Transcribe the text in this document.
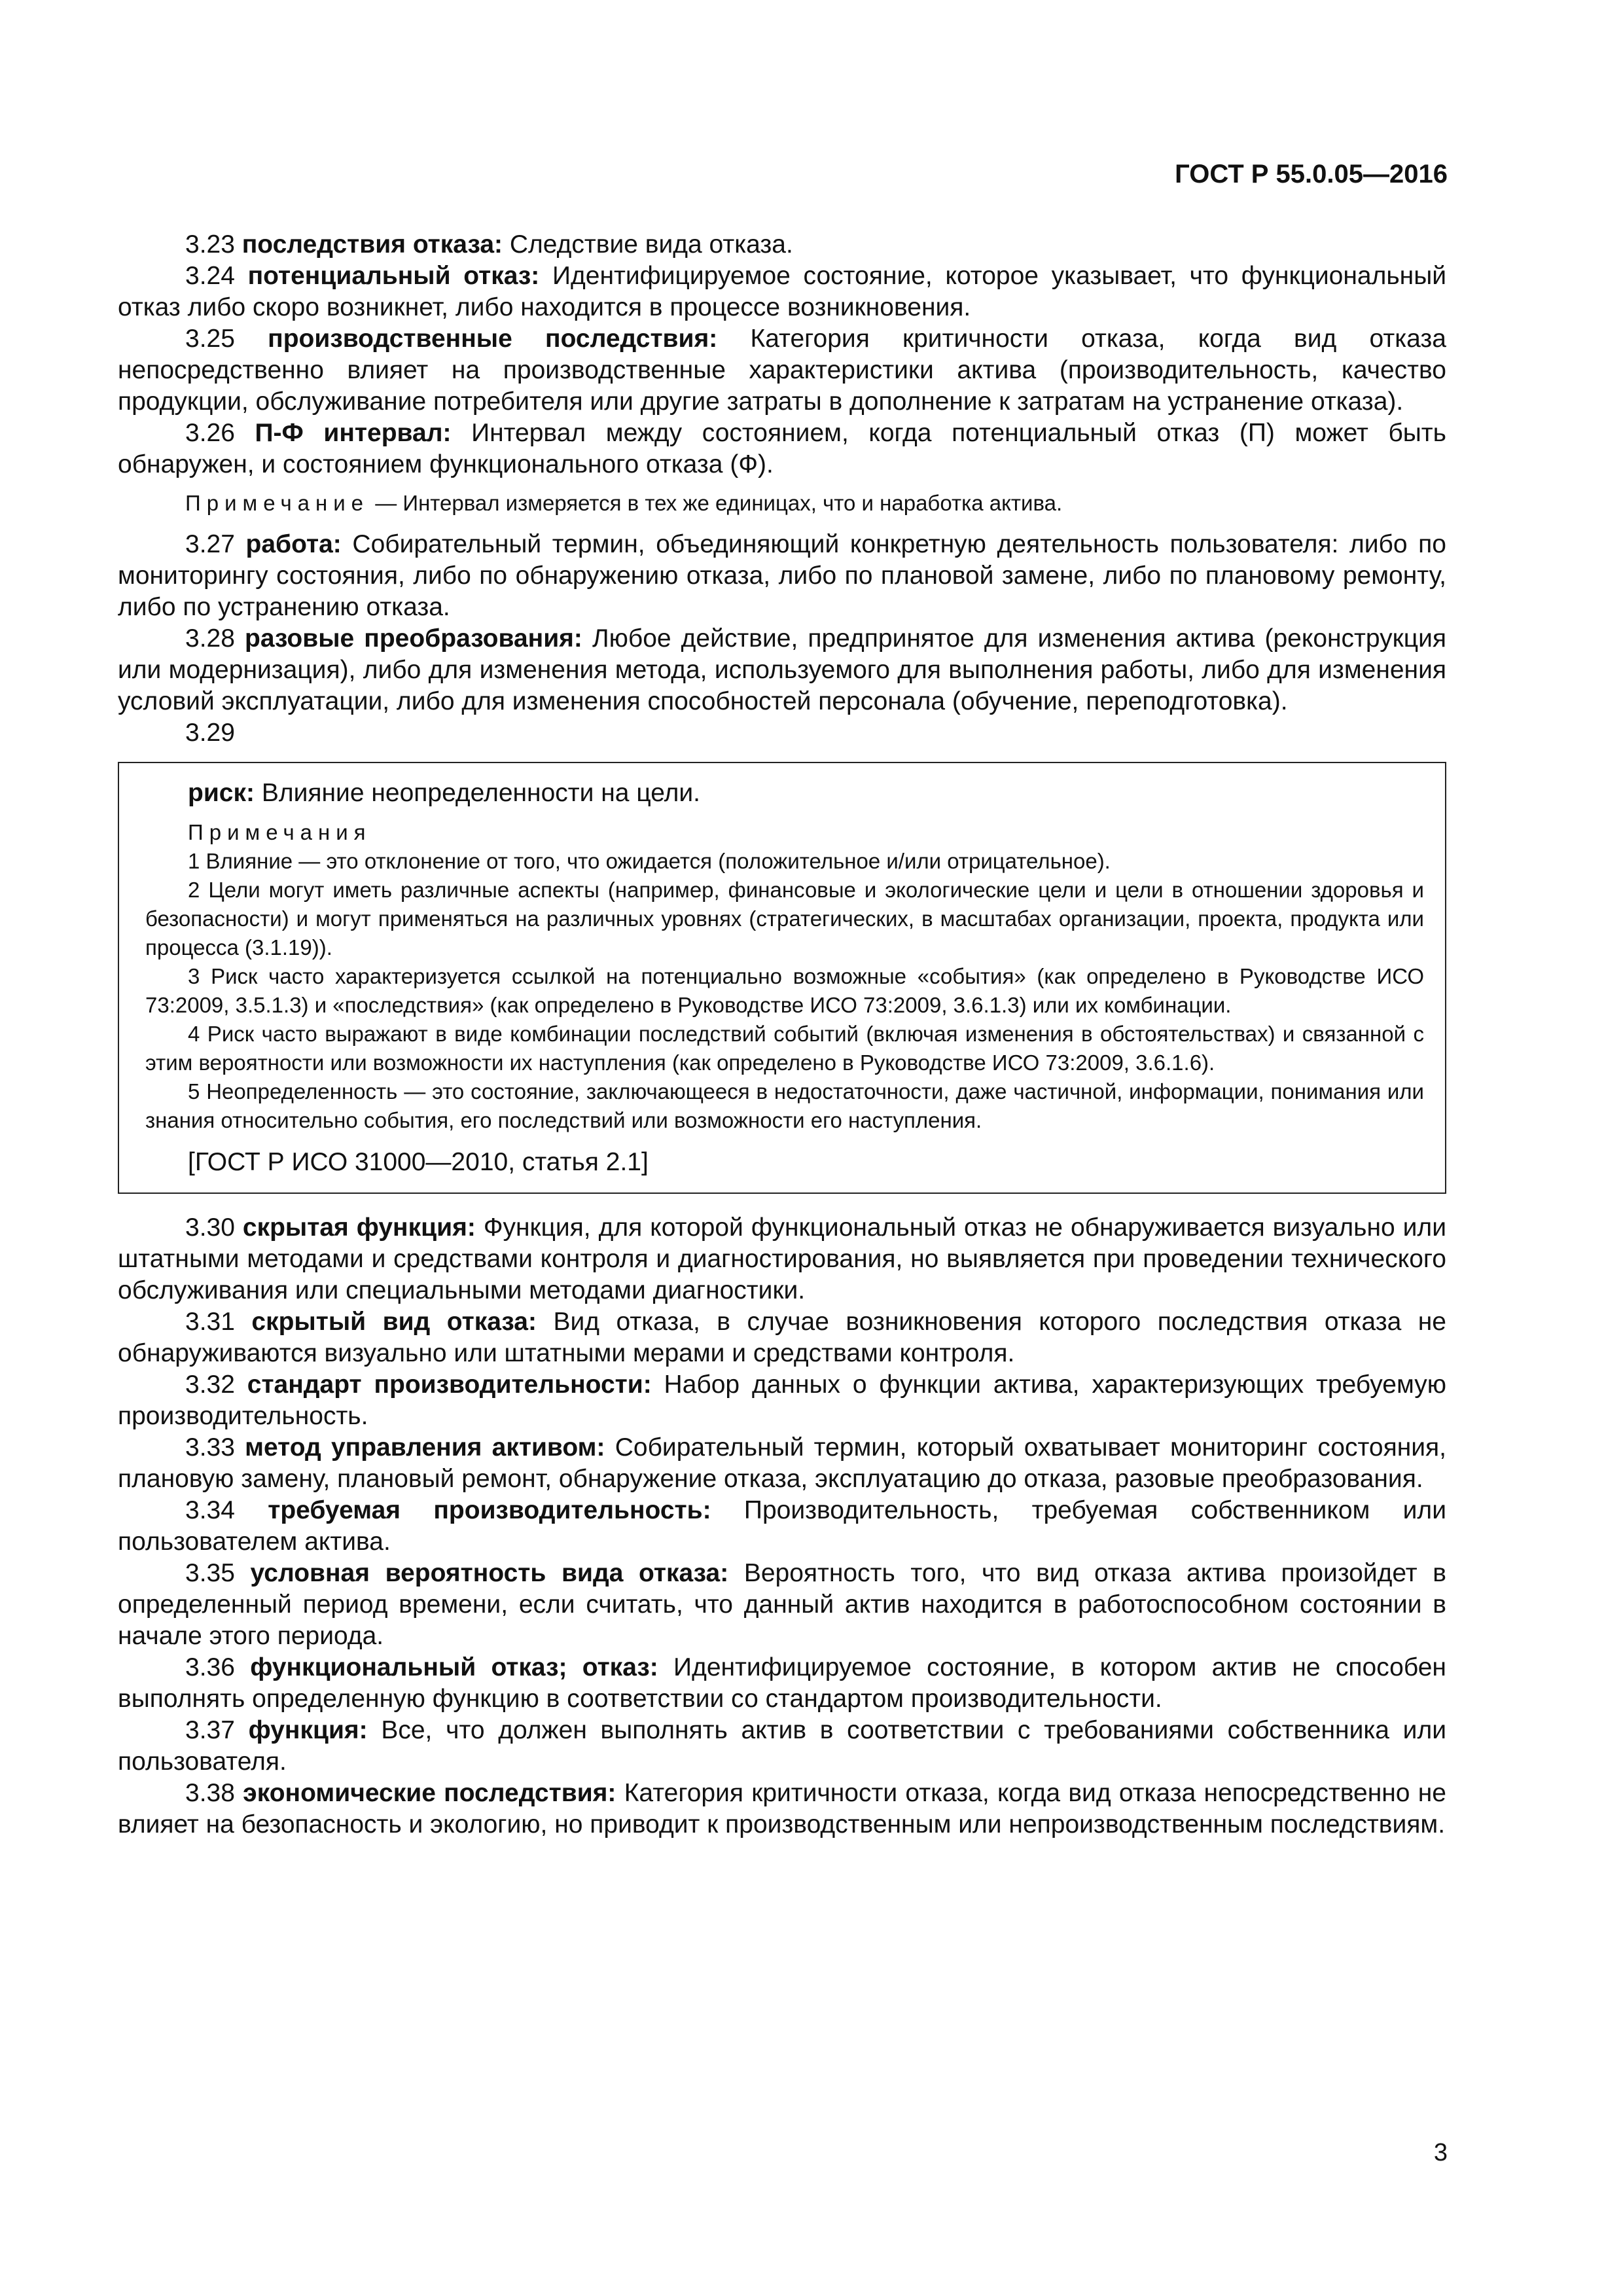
ГОСТ Р 55.0.05—2016

3.23 последствия отказа: Следствие вида отказа.

3.24 потенциальный отказ: Идентифицируемое состояние, которое указывает, что функциональный отказ либо скоро возникнет, либо находится в процессе возникновения.

3.25 производственные последствия: Категория критичности отказа, когда вид отказа непосредственно влияет на производственные характеристики актива (производительность, качество продукции, обслуживание потребителя или другие затраты в дополнение к затратам на устранение отказа).

3.26 П-Ф интервал: Интервал между состоянием, когда потенциальный отказ (П) может быть обнаружен, и состоянием функционального отказа (Ф).

Примечание — Интервал измеряется в тех же единицах, что и наработка актива.

3.27 работа: Собирательный термин, объединяющий конкретную деятельность пользователя: либо по мониторингу состояния, либо по обнаружению отказа, либо по плановой замене, либо по плановому ремонту, либо по устранению отказа.

3.28 разовые преобразования: Любое действие, предпринятое для изменения актива (реконструкция или модернизация), либо для изменения метода, используемого для выполнения работы, либо для изменения условий эксплуатации, либо для изменения способностей персонала (обучение, переподготовка).

3.29

риск: Влияние неопределенности на цели.

Примечания

1 Влияние — это отклонение от того, что ожидается (положительное и/или отрицательное).

2 Цели могут иметь различные аспекты (например, финансовые и экологические цели и цели в отношении здоровья и безопасности) и могут применяться на различных уровнях (стратегических, в масштабах организации, проекта, продукта или процесса (3.1.19)).

3 Риск часто характеризуется ссылкой на потенциально возможные «события» (как определено в Руководстве ИСО 73:2009, 3.5.1.3) и «последствия» (как определено в Руководстве ИСО 73:2009, 3.6.1.3) или их комбинации.

4 Риск часто выражают в виде комбинации последствий событий (включая изменения в обстоятельствах) и связанной с этим вероятности или возможности их наступления (как определено в Руководстве ИСО 73:2009, 3.6.1.6).

5 Неопределенность — это состояние, заключающееся в недостаточности, даже частичной, информации, понимания или знания относительно события, его последствий или возможности его наступления.

[ГОСТ Р ИСО 31000—2010, статья 2.1]

3.30 скрытая функция: Функция, для которой функциональный отказ не обнаруживается визуально или штатными методами и средствами контроля и диагностирования, но выявляется при проведении технического обслуживания или специальными методами диагностики.

3.31 скрытый вид отказа: Вид отказа, в случае возникновения которого последствия отказа не обнаруживаются визуально или штатными мерами и средствами контроля.

3.32 стандарт производительности: Набор данных о функции актива, характеризующих требуемую производительность.

3.33 метод управления активом: Собирательный термин, который охватывает мониторинг состояния, плановую замену, плановый ремонт, обнаружение отказа, эксплуатацию до отказа, разовые преобразования.

3.34 требуемая производительность: Производительность, требуемая собственником или пользователем актива.

3.35 условная вероятность вида отказа: Вероятность того, что вид отказа актива произойдет в определенный период времени, если считать, что данный актив находится в работоспособном состоянии в начале этого периода.

3.36 функциональный отказ; отказ: Идентифицируемое состояние, в котором актив не способен выполнять определенную функцию в соответствии со стандартом производительности.

3.37 функция: Все, что должен выполнять актив в соответствии с требованиями собственника или пользователя.

3.38 экономические последствия: Категория критичности отказа, когда вид отказа непосредственно не влияет на безопасность и экологию, но приводит к производственным или непроизводственным последствиям.

3
